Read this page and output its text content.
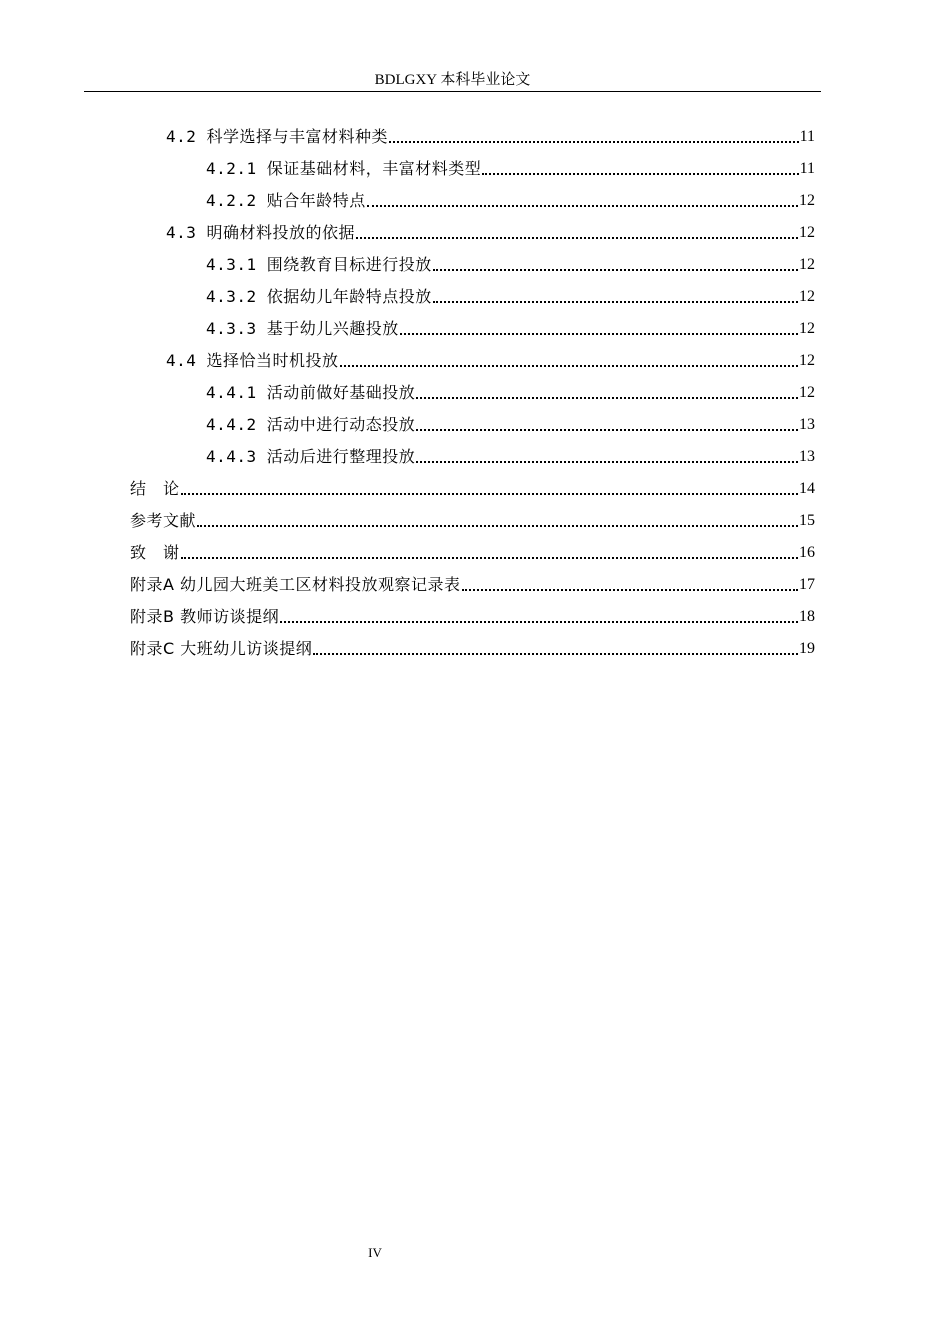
BDLGXY 本科毕业论文
4.2 科学选择与丰富材料种类	11
4.2.1 保证基础材料，丰富材料类型	11
4.2.2 贴合年龄特点	12
4.3 明确材料投放的依据	12
4.3.1 围绕教育目标进行投放	12
4.3.2 依据幼儿年龄特点投放	12
4.3.3 基于幼儿兴趣投放	12
4.4 选择恰当时机投放	12
4.4.1 活动前做好基础投放	12
4.4.2 活动中进行动态投放	13
4.4.3 活动后进行整理投放	13
结　论	14
参考文献	15
致　谢	16
附录A 幼儿园大班美工区材料投放观察记录表	17
附录B 教师访谈提纲	18
附录C 大班幼儿访谈提纲	19
IV
